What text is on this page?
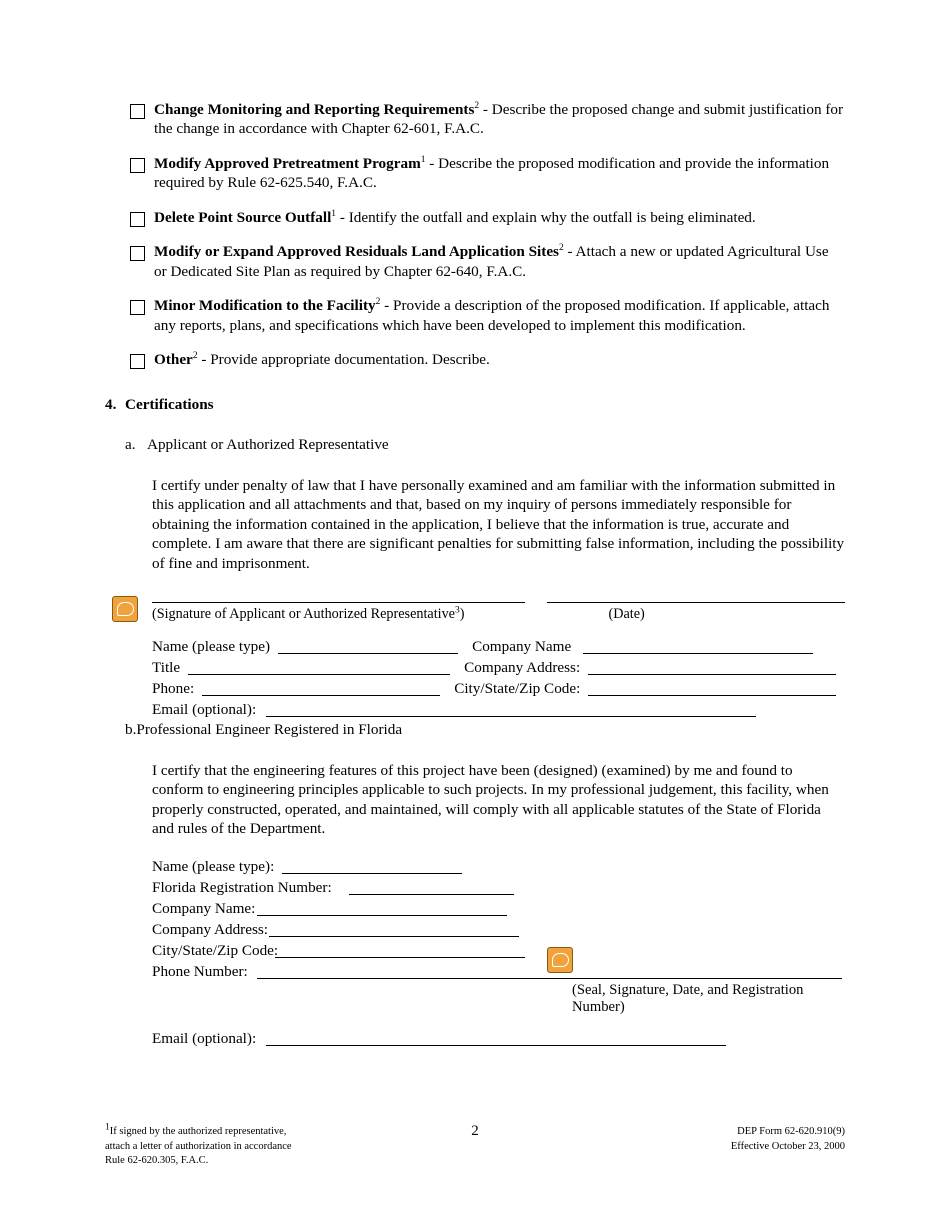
Change Monitoring and Reporting Requirements$^2$ - Describe the proposed change and submit justification for the change in accordance with Chapter 62-601, F.A.C.
Modify Approved Pretreatment Program$^1$ - Describe the proposed modification and provide the information required by Rule 62-625.540, F.A.C.
Delete Point Source Outfall$^1$ - Identify the outfall and explain why the outfall is being eliminated.
Modify or Expand Approved Residuals Land Application Sites$^2$ - Attach a new or updated Agricultural Use or Dedicated Site Plan as required by Chapter 62-640, F.A.C.
Minor Modification to the Facility$^2$ - Provide a description of the proposed modification. If applicable, attach any reports, plans, and specifications which have been developed to implement this modification.
Other$^2$ - Provide appropriate documentation. Describe.
4. Certifications
a. Applicant or Authorized Representative
I certify under penalty of law that I have personally examined and am familiar with the information submitted in this application and all attachments and that, based on my inquiry of persons immediately responsible for obtaining the information contained in the application, I believe that the information is true, accurate and complete. I am aware that there are significant penalties for submitting false information, including the possibility of fine and imprisonment.
(Signature of Applicant or Authorized Representative$^3$)	(Date)
Name (please type)	Company Name
Title	Company Address:
Phone:	City/State/Zip Code:
Email (optional):
b.Professional Engineer Registered in Florida
I certify that the engineering features of this project have been (designed) (examined) by me and found to conform to engineering principles applicable to such projects. In my professional judgement, this facility, when properly constructed, operated, and maintained, will comply with all applicable statutes of the State of Florida and rules of the Department.
Name (please type):
Florida Registration Number:
Company Name:
Company Address:
City/State/Zip Code:
Phone Number:
(Seal, Signature, Date, and Registration Number)
Email (optional):
$^1$If signed by the authorized representative,
attach a letter of authorization in accordance
Rule 62-620.305, F.A.C.
2	DEP Form 62-620.910(9)
Effective October 23, 2000
